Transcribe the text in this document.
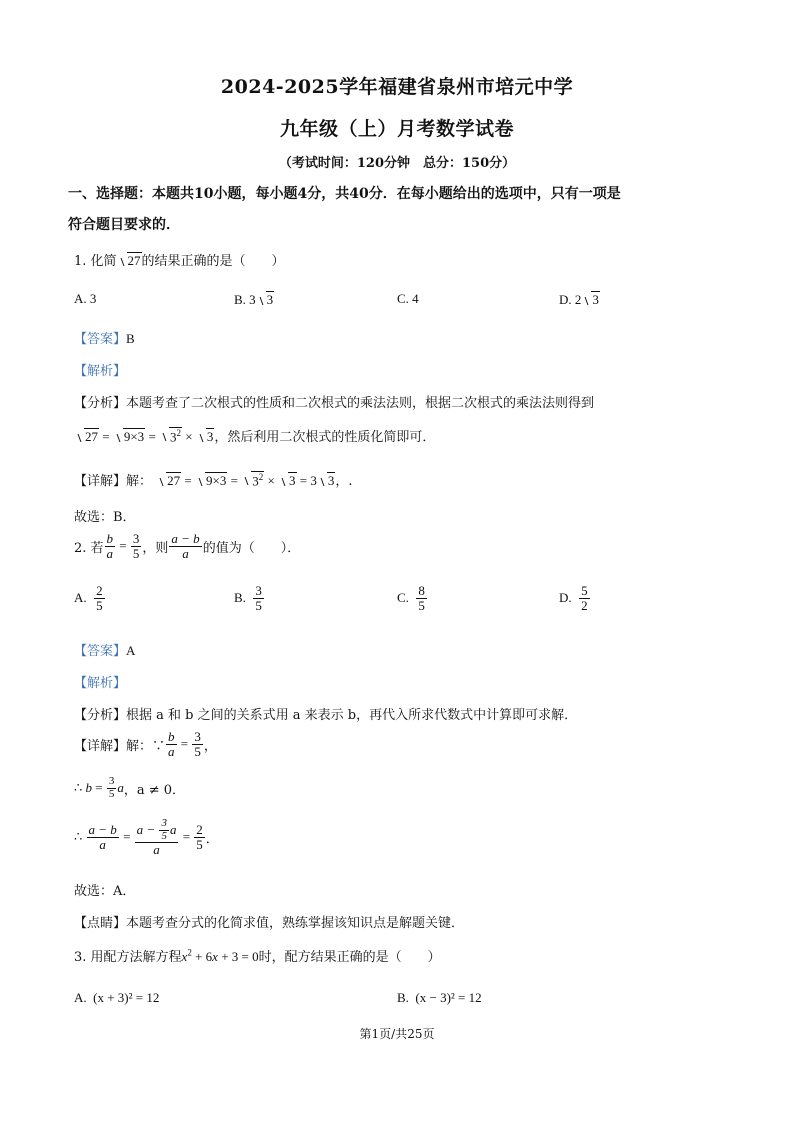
2024-2025学年福建省泉州市培元中学
九年级（上）月考数学试卷
（考试时间：120分钟　总分：150分）
一、选择题：本题共10小题，每小题4分，共40分．在每小题给出的选项中，只有一项是
符合题目要求的．
1. 化简 27的结果正确的是（　　）
A. 3	B. 3 3	C. 4	D. 2 3
【答案】B
【解析】
【分析】本题考查了二次根式的性质和二次根式的乘法法则，根据二次根式的乘法法则得到
$27 = 9\times 3 = 3^2 \times 3$，然后利用二次根式的性质化简即可．
【详解】解： $27 = 9\times 3 = 3^2 \times 3 = 3$ 3，.
故选：B．
2. 若 $\frac{b}{a} = \frac{3}{5}$ ，则 $\frac{a - b}{a}$ 的值为（　　）．
A.
$\frac{2}{5}$	B.
$\frac{3}{5}$	C.
$\frac{8}{5}$	D.
$\frac{5}{2}$
【答案】A
【解析】
【分析】根据 a 和 b 之间的关系式用 a 来表示 b，再代入所求代数式中计算即可求解．
【详解】 解：∵ $\frac{b}{a} = \frac{3}{5}$ ，
∴ $b = \frac{3}{5}$ a ，a ≠ 0．
∴ $\frac{a - b}{a} = \frac{a - \frac{3}{5} a}{a} = \frac{2}{5}$ ．
故选：A．
【点睛】本题考查分式的化简求值，熟练掌握该知识点是解题关键．
3. 用配方法解方程$x^2 + 6x + 3 = 0$时，配方结果正确的是（　　）
A. (x + 3)² = 12	B. (x − 3)² = 12
第1页/共25页
